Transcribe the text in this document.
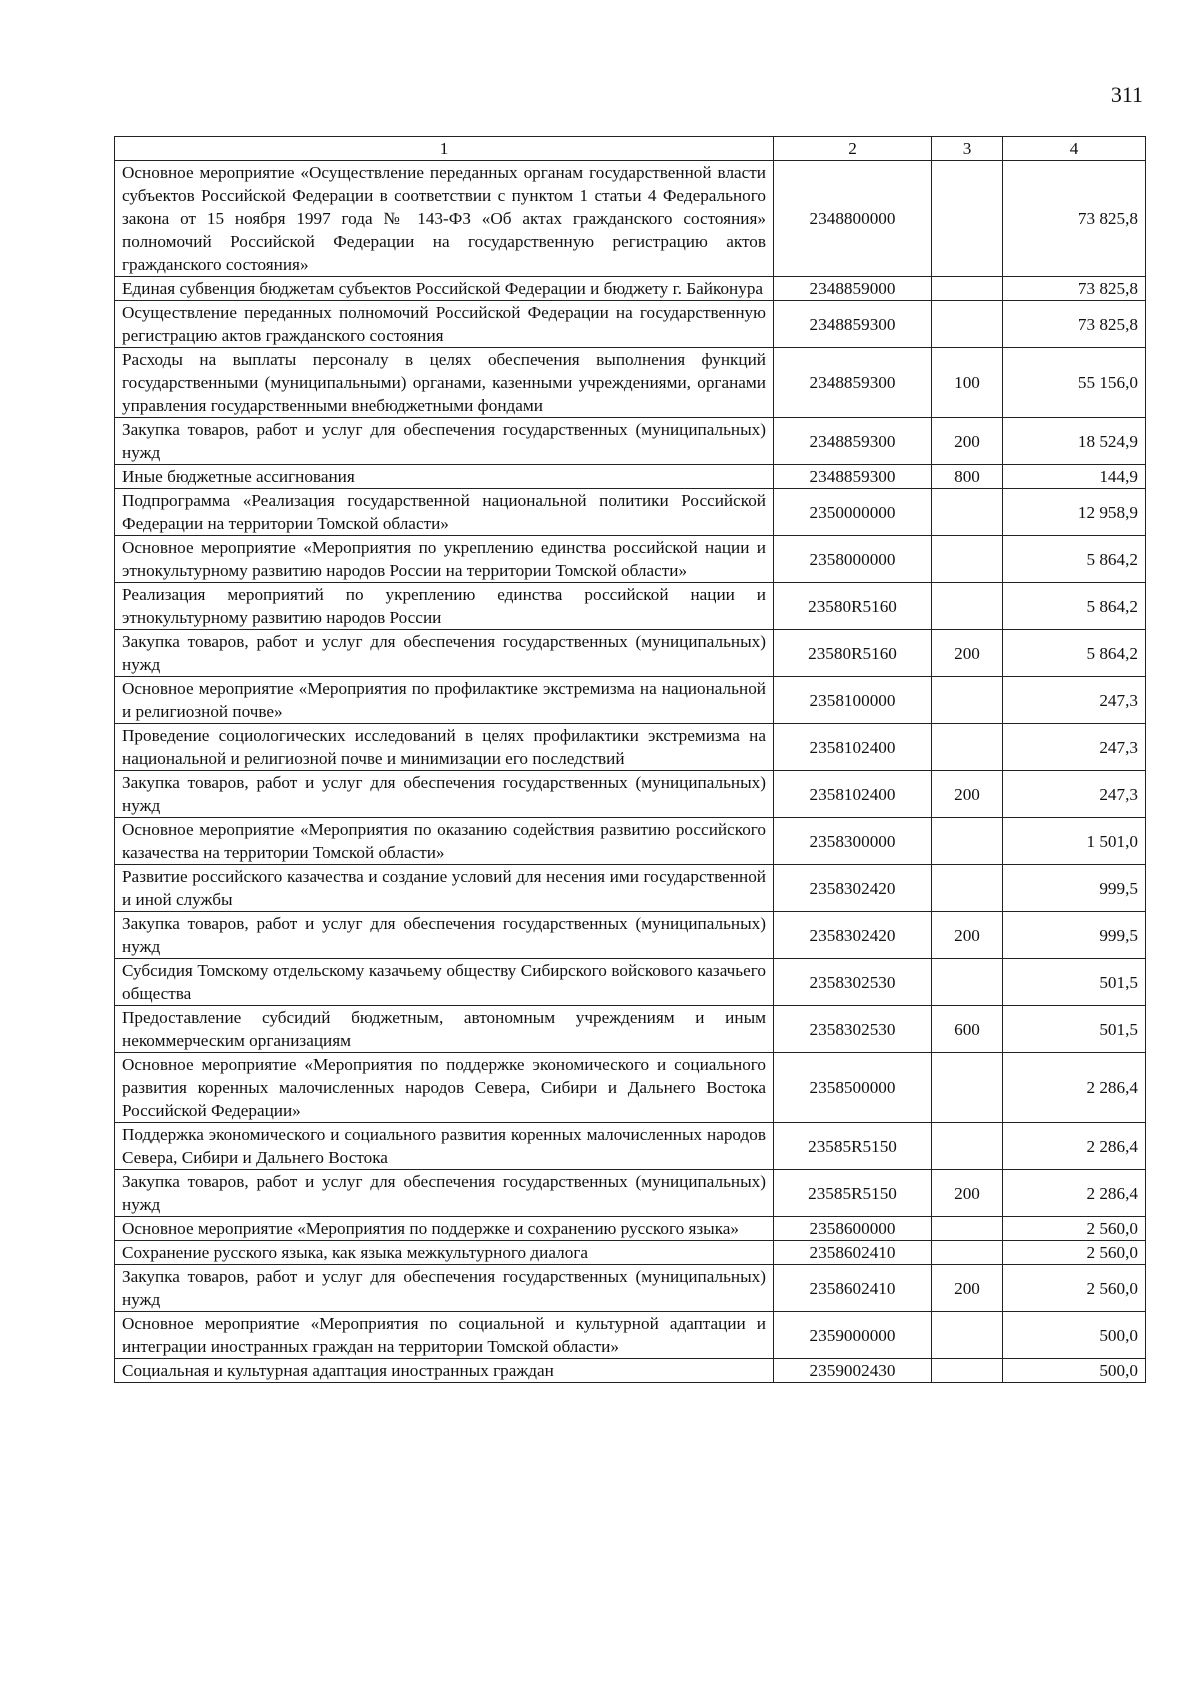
311
1	2	3	4
Основное мероприятие «Осуществление переданных органам государственной власти субъектов Российской Федерации в соответствии с пунктом 1 статьи 4 Федерального закона от 15 ноября 1997 года № 143-ФЗ «Об актах гражданского состояния» полномочий Российской Федерации на государственную регистрацию актов гражданского состояния»	2348800000		73 825,8
Единая субвенция бюджетам субъектов Российской Федерации и бюджету г. Байконура	2348859000		73 825,8
Осуществление переданных полномочий Российской Федерации на государственную регистрацию актов гражданского состояния	2348859300		73 825,8
Расходы на выплаты персоналу в целях обеспечения выполнения функций государственными (муниципальными) органами, казенными учреждениями, органами управления государственными внебюджетными фондами	2348859300	100	55 156,0
Закупка товаров, работ и услуг для обеспечения государственных (муниципальных) нужд	2348859300	200	18 524,9
Иные бюджетные ассигнования	2348859300	800	144,9
Подпрограмма «Реализация государственной национальной политики Российской Федерации на территории Томской области»	2350000000		12 958,9
Основное мероприятие «Мероприятия по укреплению единства российской нации и этнокультурному развитию народов России на территории Томской области»	2358000000		5 864,2
Реализация мероприятий по укреплению единства российской нации и этнокультурному развитию народов России	23580R5160		5 864,2
Закупка товаров, работ и услуг для обеспечения государственных (муниципальных) нужд	23580R5160	200	5 864,2
Основное мероприятие «Мероприятия по профилактике экстремизма на национальной и религиозной почве»	2358100000		247,3
Проведение социологических исследований в целях профилактики экстремизма на национальной и религиозной почве и минимизации его последствий	2358102400		247,3
Закупка товаров, работ и услуг для обеспечения государственных (муниципальных) нужд	2358102400	200	247,3
Основное мероприятие «Мероприятия по оказанию содействия развитию российского казачества на территории Томской области»	2358300000		1 501,0
Развитие российского казачества и создание условий для несения ими государственной и иной службы	2358302420		999,5
Закупка товаров, работ и услуг для обеспечения государственных (муниципальных) нужд	2358302420	200	999,5
Субсидия Томскому отдельскому казачьему обществу Сибирского войскового казачьего общества	2358302530		501,5
Предоставление субсидий бюджетным, автономным учреждениям и иным некоммерческим организациям	2358302530	600	501,5
Основное мероприятие «Мероприятия по поддержке экономического и социального развития коренных малочисленных народов Севера, Сибири и Дальнего Востока Российской Федерации»	2358500000		2 286,4
Поддержка экономического и социального развития коренных малочисленных народов Севера, Сибири и Дальнего Востока	23585R5150		2 286,4
Закупка товаров, работ и услуг для обеспечения государственных (муниципальных) нужд	23585R5150	200	2 286,4
Основное мероприятие «Мероприятия по поддержке и сохранению русского языка»	2358600000		2 560,0
Сохранение русского языка, как языка межкультурного диалога	2358602410		2 560,0
Закупка товаров, работ и услуг для обеспечения государственных (муниципальных) нужд	2358602410	200	2 560,0
Основное мероприятие «Мероприятия по социальной и культурной адаптации и интеграции иностранных граждан на территории Томской области»	2359000000		500,0
Социальная и культурная адаптация иностранных граждан	2359002430		500,0
